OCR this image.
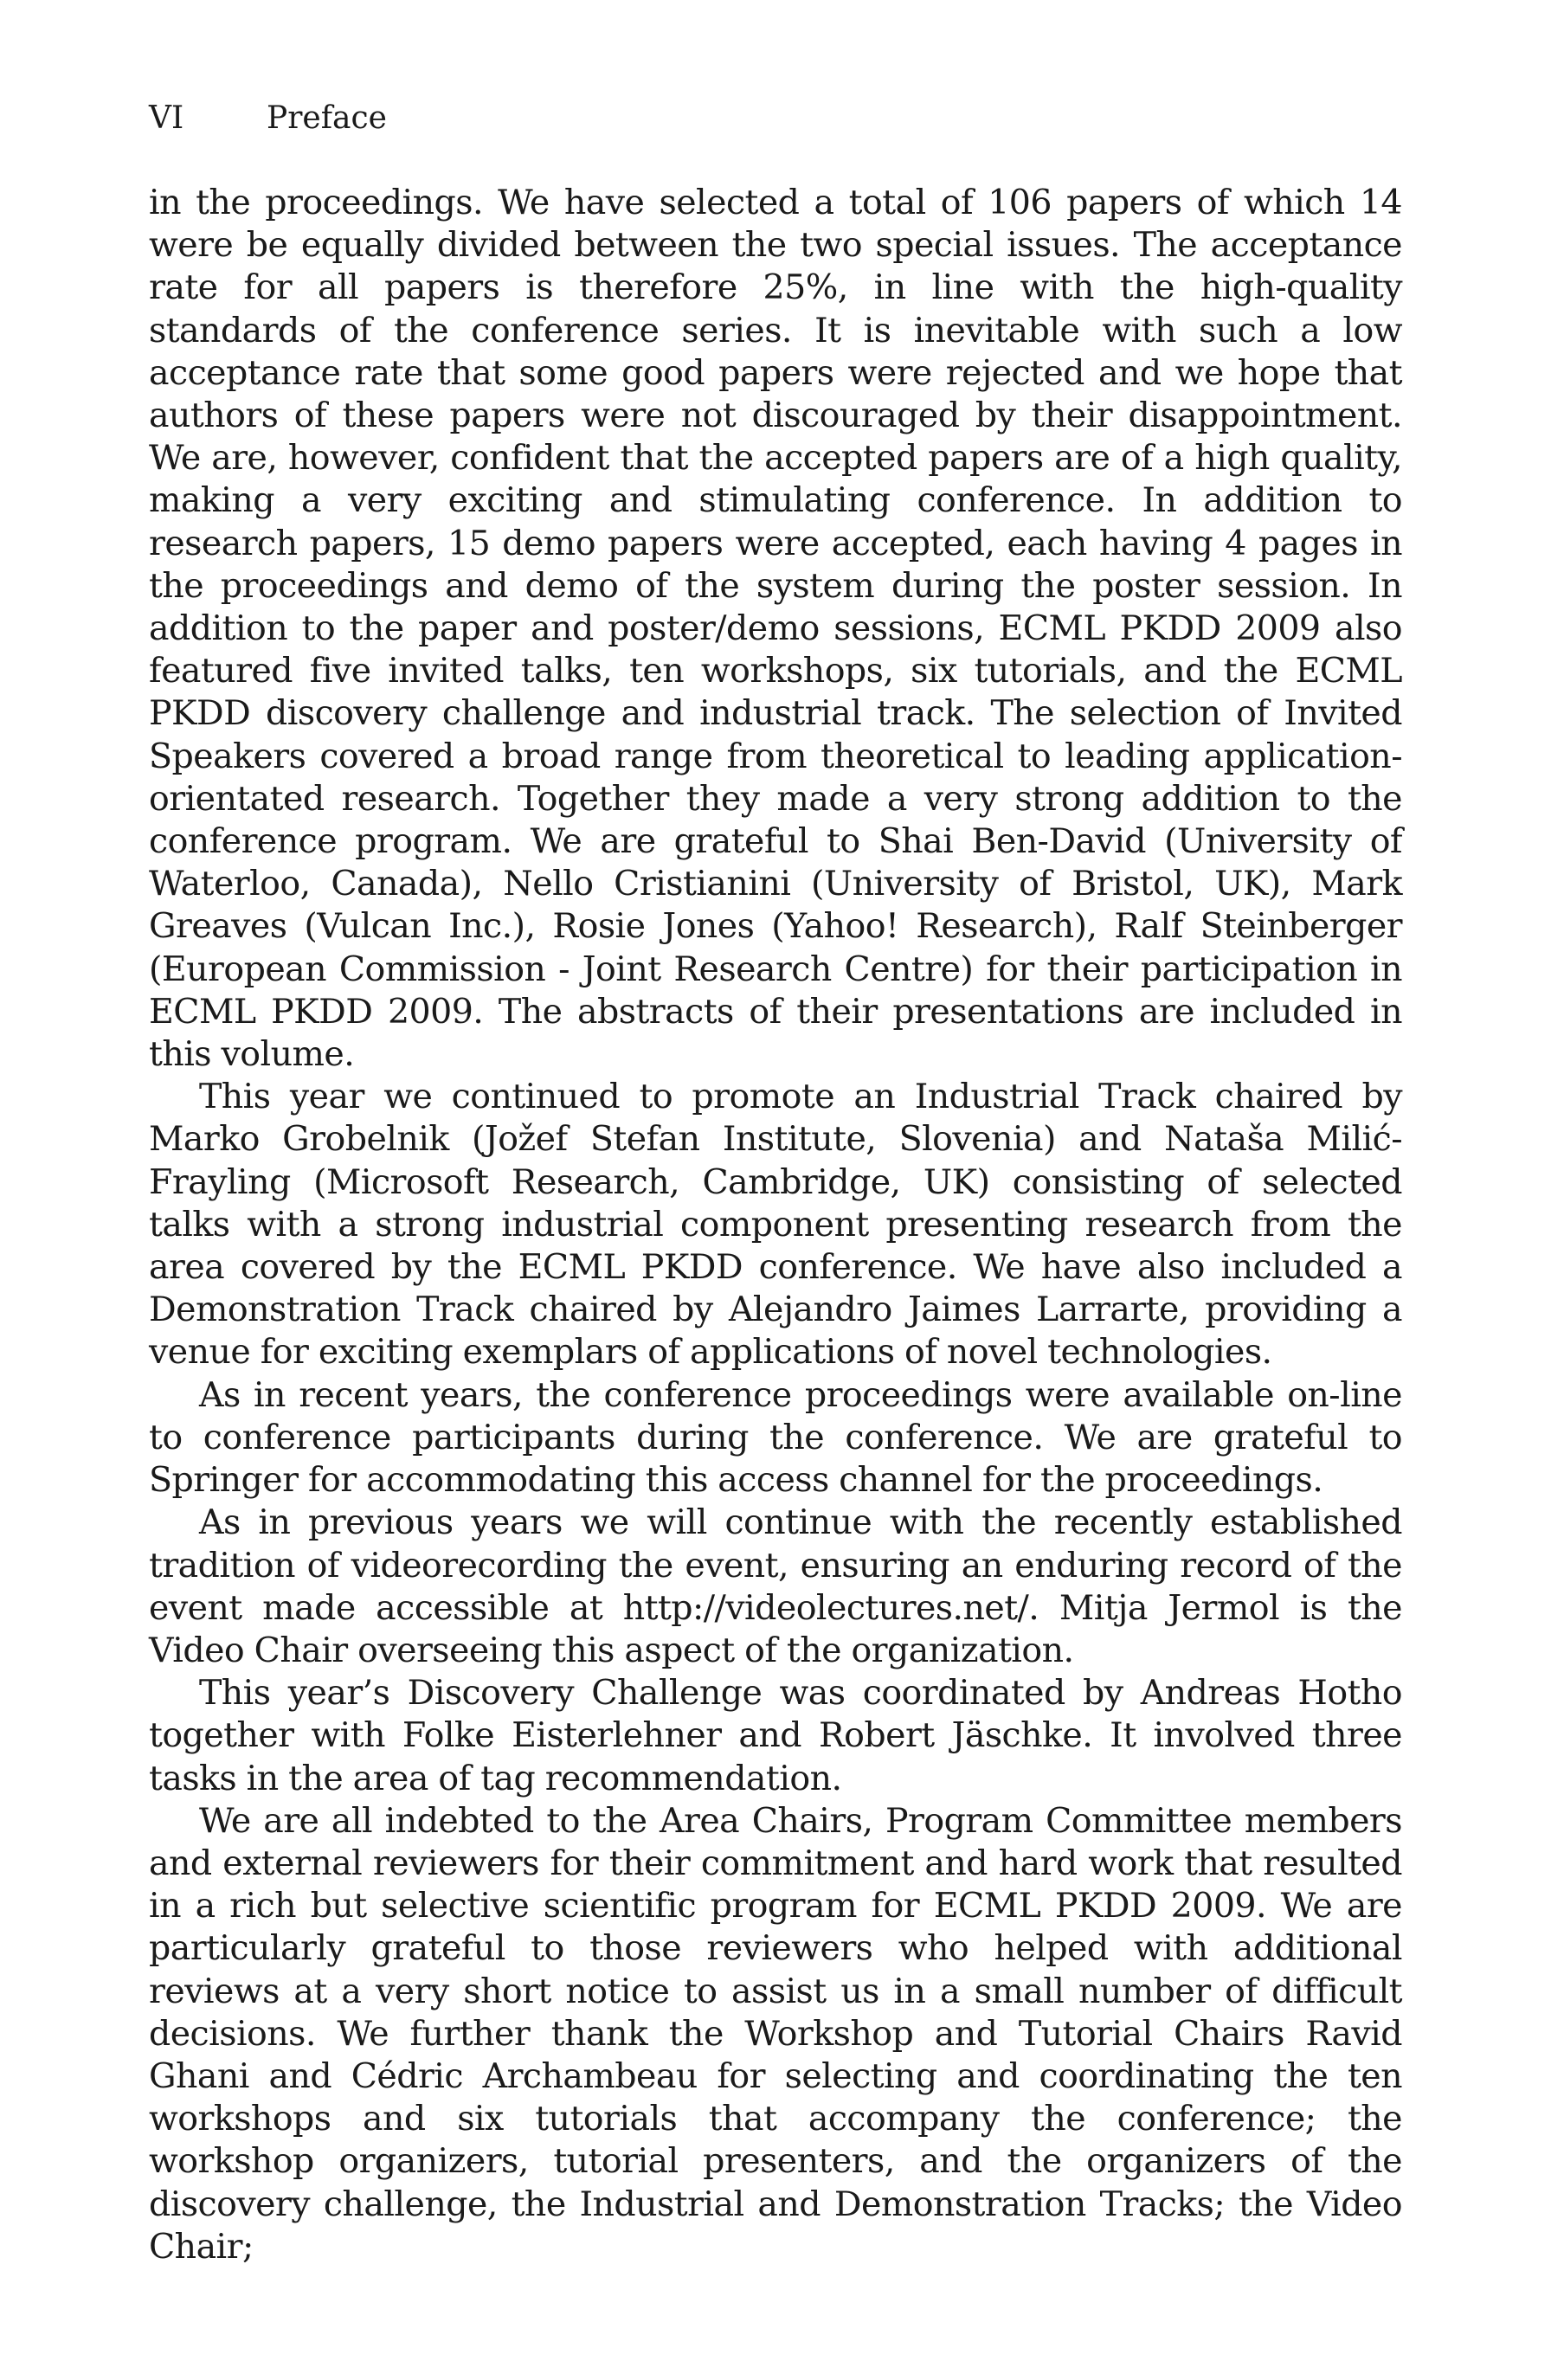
VI	Preface

in the proceedings. We have selected a total of 106 papers of which 14 were be equally divided between the two special issues. The acceptance rate for all papers is therefore 25%, in line with the high-quality standards of the conference series. It is inevitable with such a low acceptance rate that some good papers were rejected and we hope that authors of these papers were not discouraged by their disappointment. We are, however, confident that the accepted papers are of a high quality, making a very exciting and stimulating conference. In addition to research papers, 15 demo papers were accepted, each having 4 pages in the proceedings and demo of the system during the poster session. In addition to the paper and poster/demo sessions, ECML PKDD 2009 also featured five invited talks, ten workshops, six tutorials, and the ECML PKDD discovery challenge and industrial track. The selection of Invited Speakers covered a broad range from theoretical to leading application-orientated research. Together they made a very strong addition to the conference program. We are grateful to Shai Ben-David (University of Waterloo, Canada), Nello Cristianini (University of Bristol, UK), Mark Greaves (Vulcan Inc.), Rosie Jones (Yahoo! Research), Ralf Steinberger (European Commission - Joint Research Centre) for their participation in ECML PKDD 2009. The abstracts of their presentations are included in this volume.

This year we continued to promote an Industrial Track chaired by Marko Grobelnik (Jožef Stefan Institute, Slovenia) and Nataša Milić-Frayling (Microsoft Research, Cambridge, UK) consisting of selected talks with a strong industrial component presenting research from the area covered by the ECML PKDD conference. We have also included a Demonstration Track chaired by Alejandro Jaimes Larrarte, providing a venue for exciting exemplars of applications of novel technologies.

As in recent years, the conference proceedings were available on-line to conference participants during the conference. We are grateful to Springer for accommodating this access channel for the proceedings.

As in previous years we will continue with the recently established tradition of videorecording the event, ensuring an enduring record of the event made accessible at http://videolectures.net/. Mitja Jermol is the Video Chair overseeing this aspect of the organization.

This year’s Discovery Challenge was coordinated by Andreas Hotho together with Folke Eisterlehner and Robert Jäschke. It involved three tasks in the area of tag recommendation.

We are all indebted to the Area Chairs, Program Committee members and external reviewers for their commitment and hard work that resulted in a rich but selective scientific program for ECML PKDD 2009. We are particularly grateful to those reviewers who helped with additional reviews at a very short notice to assist us in a small number of difficult decisions. We further thank the Workshop and Tutorial Chairs Ravid Ghani and Cédric Archambeau for selecting and coordinating the ten workshops and six tutorials that accompany the conference; the workshop organizers, tutorial presenters, and the organizers of the discovery challenge, the Industrial and Demonstration Tracks; the Video Chair;
